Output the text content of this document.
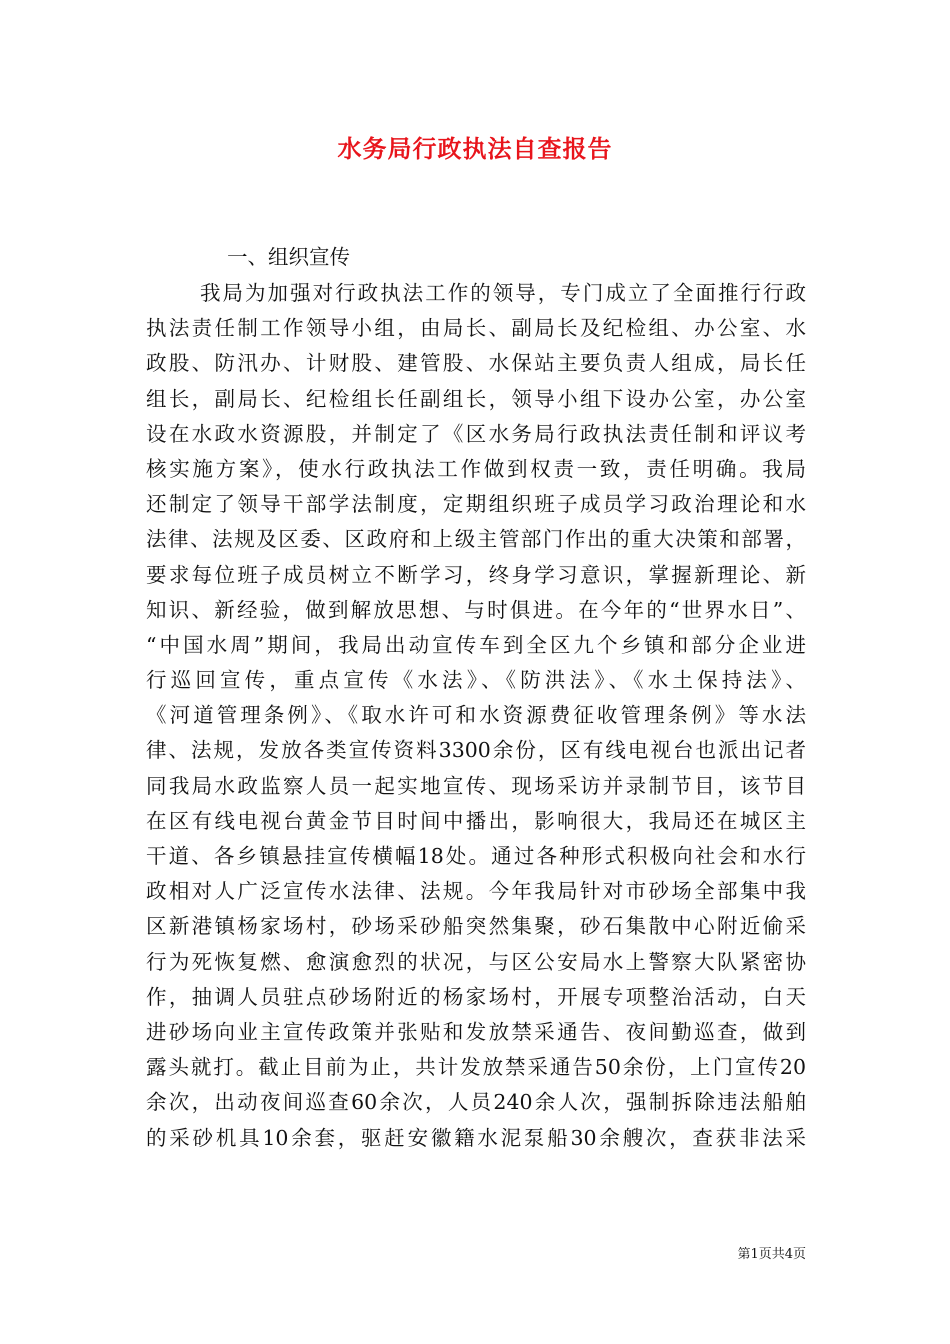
水务局行政执法自查报告
一、组织宣传
我局为加强对行政执法工作的领导，专门成立了全面推行行政
执法责任制工作领导小组，由局长、副局长及纪检组、办公室、水
政股、防汛办、计财股、建管股、水保站主要负责人组成，局长任
组长，副局长、纪检组长任副组长，领导小组下设办公室，办公室
设在水政水资源股，并制定了《区水务局行政执法责任制和评议考
核实施方案》，使水行政执法工作做到权责一致，责任明确。我局
还制定了领导干部学法制度，定期组织班子成员学习政治理论和水
法律、法规及区委、区政府和上级主管部门作出的重大决策和部署，
要求每位班子成员树立不断学习，终身学习意识，掌握新理论、新
知识、新经验，做到解放思想、与时俱进。在今年的“世界水日”、
“中国水周”期间，我局出动宣传车到全区九个乡镇和部分企业进
行巡回宣传，重点宣传《水法》、《防洪法》、《水土保持法》、
《河道管理条例》、《取水许可和水资源费征收管理条例》等水法
律、法规，发放各类宣传资料3300余份，区有线电视台也派出记者
同我局水政监察人员一起实地宣传、现场采访并录制节目，该节目
在区有线电视台黄金节目时间中播出，影响很大，我局还在城区主
干道、各乡镇悬挂宣传横幅18处。通过各种形式积极向社会和水行
政相对人广泛宣传水法律、法规。今年我局针对市砂场全部集中我
区新港镇杨家场村，砂场采砂船突然集聚，砂石集散中心附近偷采
行为死恢复燃、愈演愈烈的状况，与区公安局水上警察大队紧密协
作，抽调人员驻点砂场附近的杨家场村，开展专项整治活动，白天
进砂场向业主宣传政策并张贴和发放禁采通告、夜间勤巡查，做到
露头就打。截止目前为止，共计发放禁采通告50余份，上门宣传20
余次，出动夜间巡查60余次，人员240余人次，强制拆除违法船舶
的采砂机具10余套，驱赶安徽籍水泥泵船30余艘次，查获非法采
第1页共4页
